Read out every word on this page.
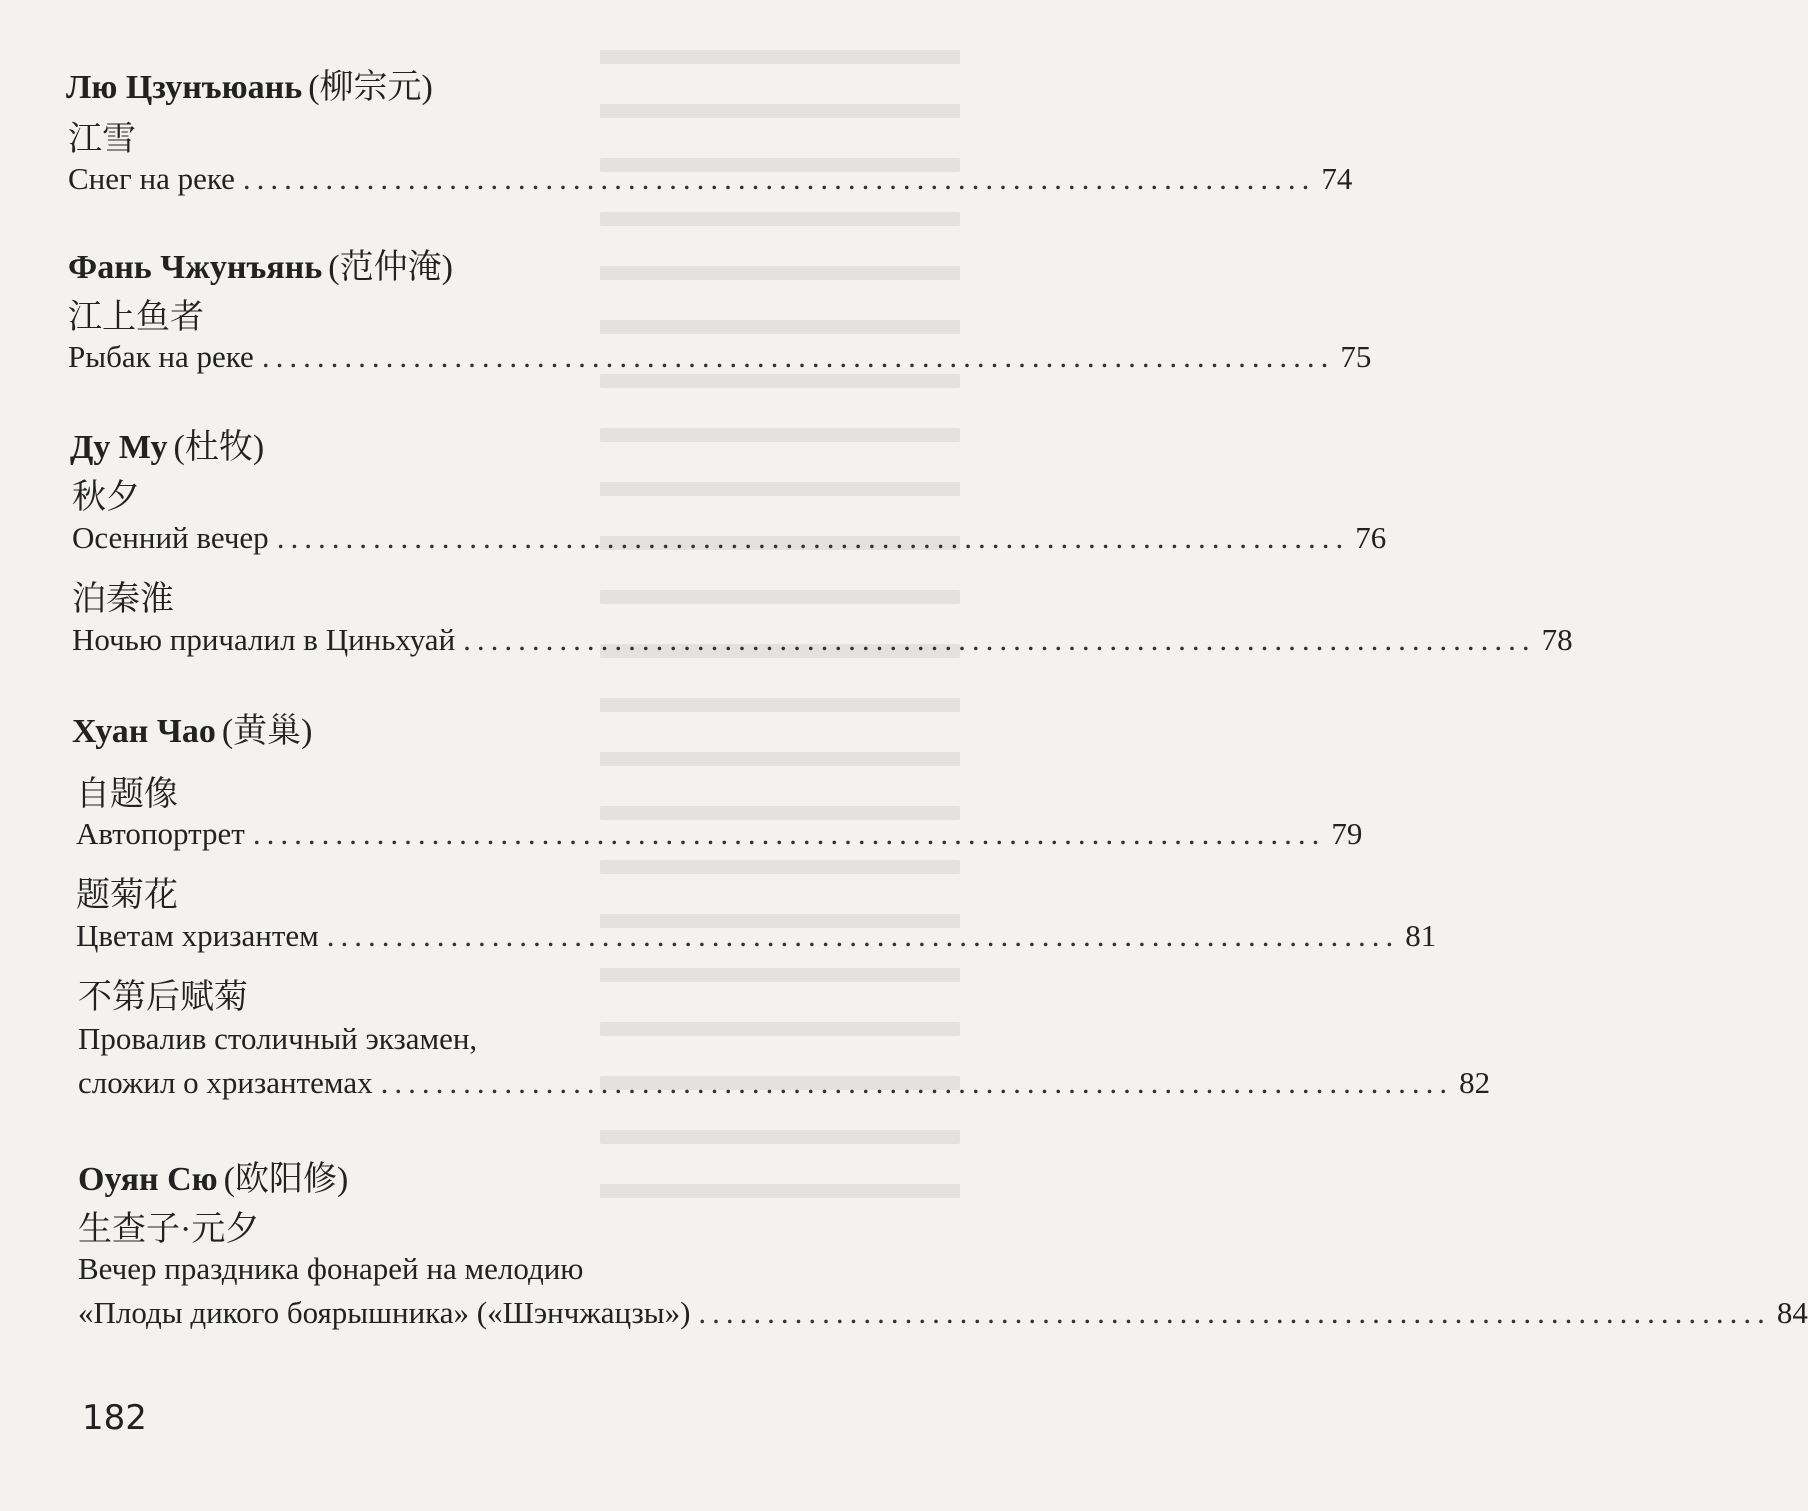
Лю Цзунъюань (柳宗元)
江雪
Снег на реке .............................................................................. 74
Фань Чжунъянь (范仲淹)
江上鱼者
Рыбак на реке .............................................................................. 75
Ду Му (杜牧)
秋夕
Осенний вечер .............................................................................. 76
泊秦淮
Ночью причалил в Циньхуай .............................................................................. 78
Хуан Чао (黄巢)
自题像
Автопортрет .............................................................................. 79
题菊花
Цветам хризантем .............................................................................. 81
不第后赋菊
Провалив столичный экзамен,
сложил о хризантемах .............................................................................. 82
Оуян Сю (欧阳修)
生查子·元夕
Вечер праздника фонарей на мелодию
«Плоды дикого боярышника» («Шэнчжацзы») .............................................................................. 84
182
